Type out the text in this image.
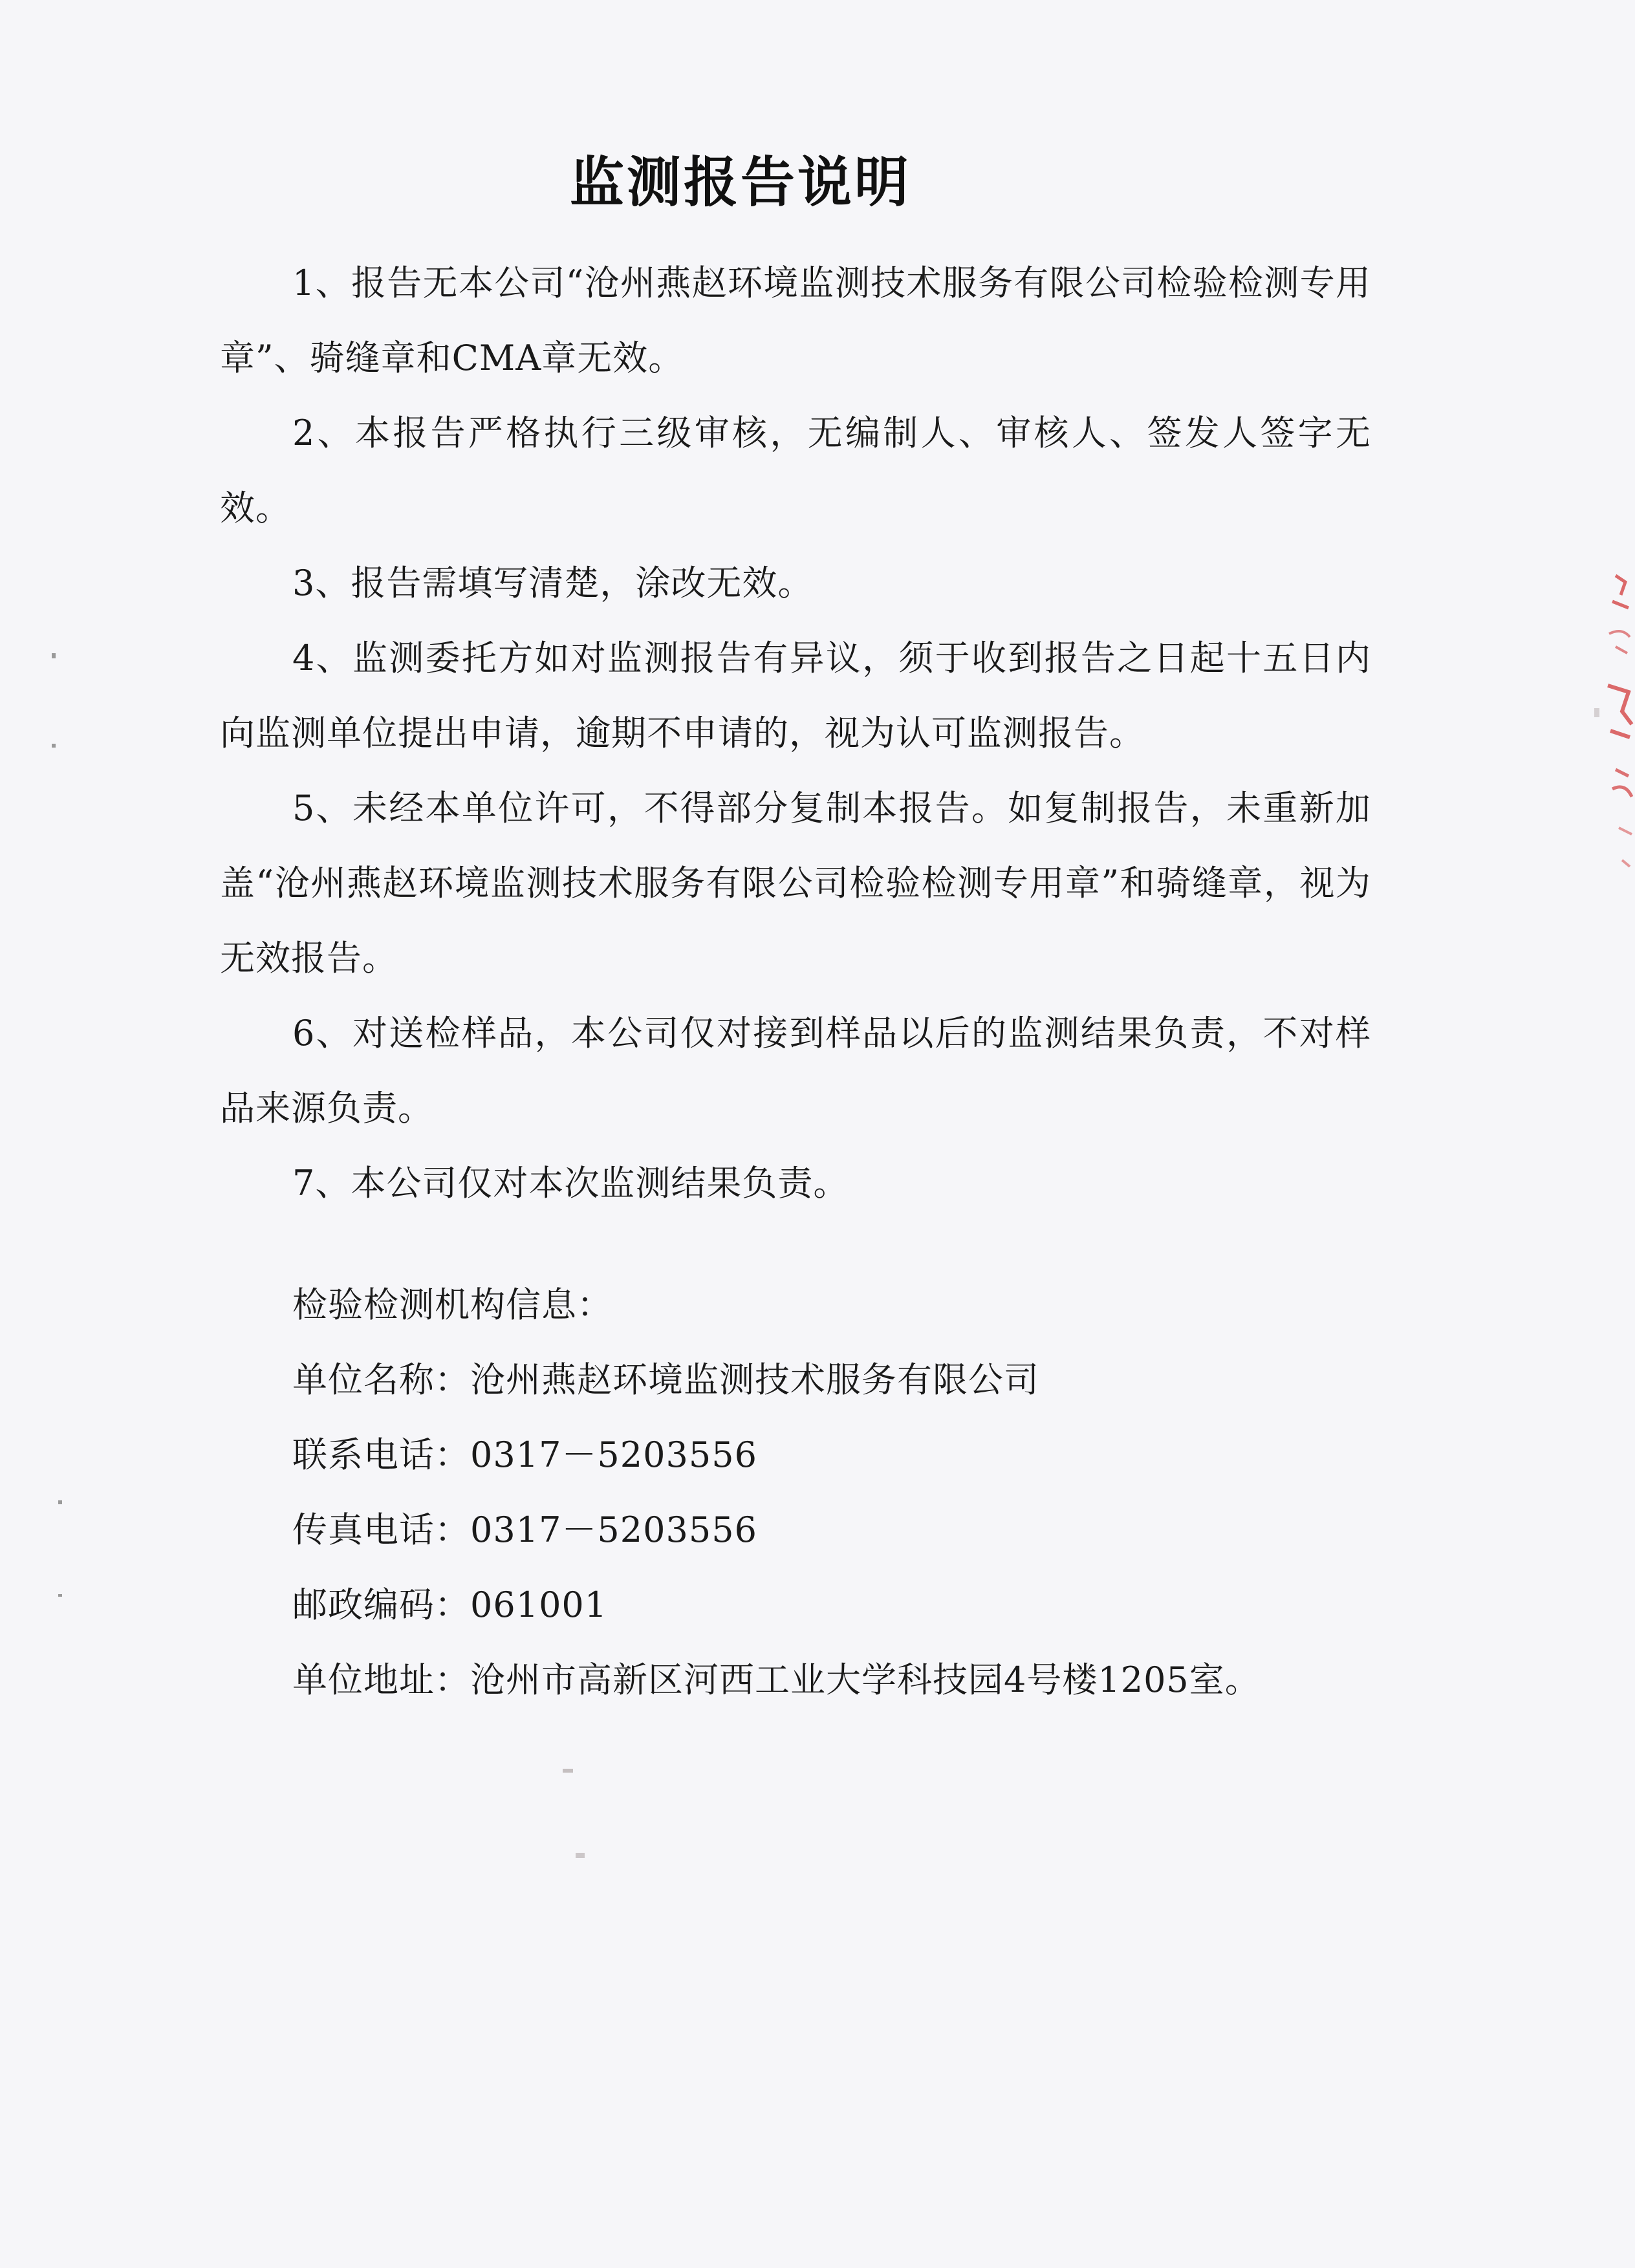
监测报告说明

1、报告无本公司“沧州燕赵环境监测技术服务有限公司检验检测专用章”、骑缝章和CMA章无效。

2、本报告严格执行三级审核，无编制人、审核人、签发人签字无效。

3、报告需填写清楚，涂改无效。

4、监测委托方如对监测报告有异议，须于收到报告之日起十五日内向监测单位提出申请，逾期不申请的，视为认可监测报告。

5、未经本单位许可，不得部分复制本报告。如复制报告，未重新加盖“沧州燕赵环境监测技术服务有限公司检验检测专用章”和骑缝章，视为无效报告。

6、对送检样品，本公司仅对接到样品以后的监测结果负责，不对样品来源负责。

7、本公司仅对本次监测结果负责。

检验检测机构信息：

单位名称：沧州燕赵环境监测技术服务有限公司

联系电话：0317－5203556

传真电话：0317－5203556

邮政编码：061001

单位地址：沧州市高新区河西工业大学科技园4号楼1205室。
